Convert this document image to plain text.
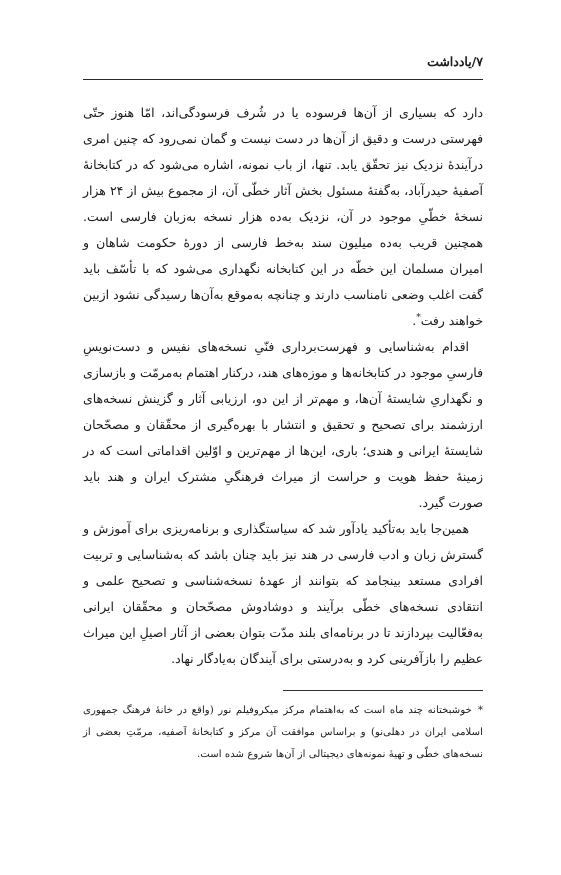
۷/یادداشت

دارد که بسیاری از آن‌ها فرسوده یا در شُرف فرسودگی‌اند، امّا هنوز حتّی فهرستی درست و دقیق از آن‌ها در دست نیست و گمان نمی‌رود که چنین امری درآیندۀ نزدیک نیز تحقّق یابد. تنها، از باب نمونه، اشاره می‌شود که در کتابخانۀ آصفیۀ حیدرآباد، به‌گفتۀ مسئول بخش آثار خطّی آن، از مجموع بیش از ۲۴ هزار نسخۀ خطّیِ موجود در آن، نزدیک به‌ده هزار نسخه به‌زبان فارسی است. همچنین قریب به‌ده میلیون سند به‌خط فارسی از دورۀ حکومت شاهان و امیران مسلمان این خطّه در این کتابخانه نگهداری می‌شود که با تأسّف باید گفت اغلب وضعی نامناسب دارند و چنانچه به‌موقع به‌آن‌ها رسیدگی نشود ازبین خواهند رفت*.

اقدام به‌شناسایی و فهرست‌برداری فنّیِ نسخه‌های نفیس و دست‌نویسِ فارسیِ موجود در کتابخانه‌ها و موزه‌های هند، درکنار اهتمام به‌مرمّت و بازسازی و نگهداریِ شایستۀ آن‌ها، و مهم‌تر از این دو، ارزیابی آثار و گزینش نسخه‌های ارزشمند برای تصحیح و تحقیق و انتشار با بهره‌گیری از محقّقان و مصحّحان شایستۀ ایرانی و هندی؛ باری، این‌ها از مهم‌ترین و اوّلین اقداماتی است که در زمینۀ حفظ هویت و حراست از میراث فرهنگیِ مشترک ایران و هند باید صورت گیرد.

همین‌جا باید به‌تأکید یادآور شد که سیاستگذاری و برنامه‌ریزی برای آموزش و گسترش زبان و ادب فارسی در هند نیز باید چنان باشد که به‌شناسایی و تربیت افرادی مستعد بینجامد که بتوانند از عهدۀ نسخه‌شناسی و تصحیح علمی و انتقادی نسخه‌های خطّی برآیند و دوشادوش مصحّحان و محقّقان ایرانی به‌فعّالیت بپردازند تا در برنامه‌ای بلند مدّت بتوان بعضی از آثار اصیلِ این میراث عظیم را بازآفرینی کرد و به‌درستی برای آیندگان به‌یادگار نهاد.

*خوشبختانه چند ماه است که به‌اهتمام مرکز میکروفیلم نور (واقع در خانۀ فرهنگ جمهوری اسلامی ایران در دهلی‌نو) و براساس موافقت آن مرکز و کتابخانۀ آصفیه، مرمّتِ بعضی از نسخه‌های خطّی و تهیۀ نمونه‌های دیجیتالی از آن‌ها شروع شده است.
